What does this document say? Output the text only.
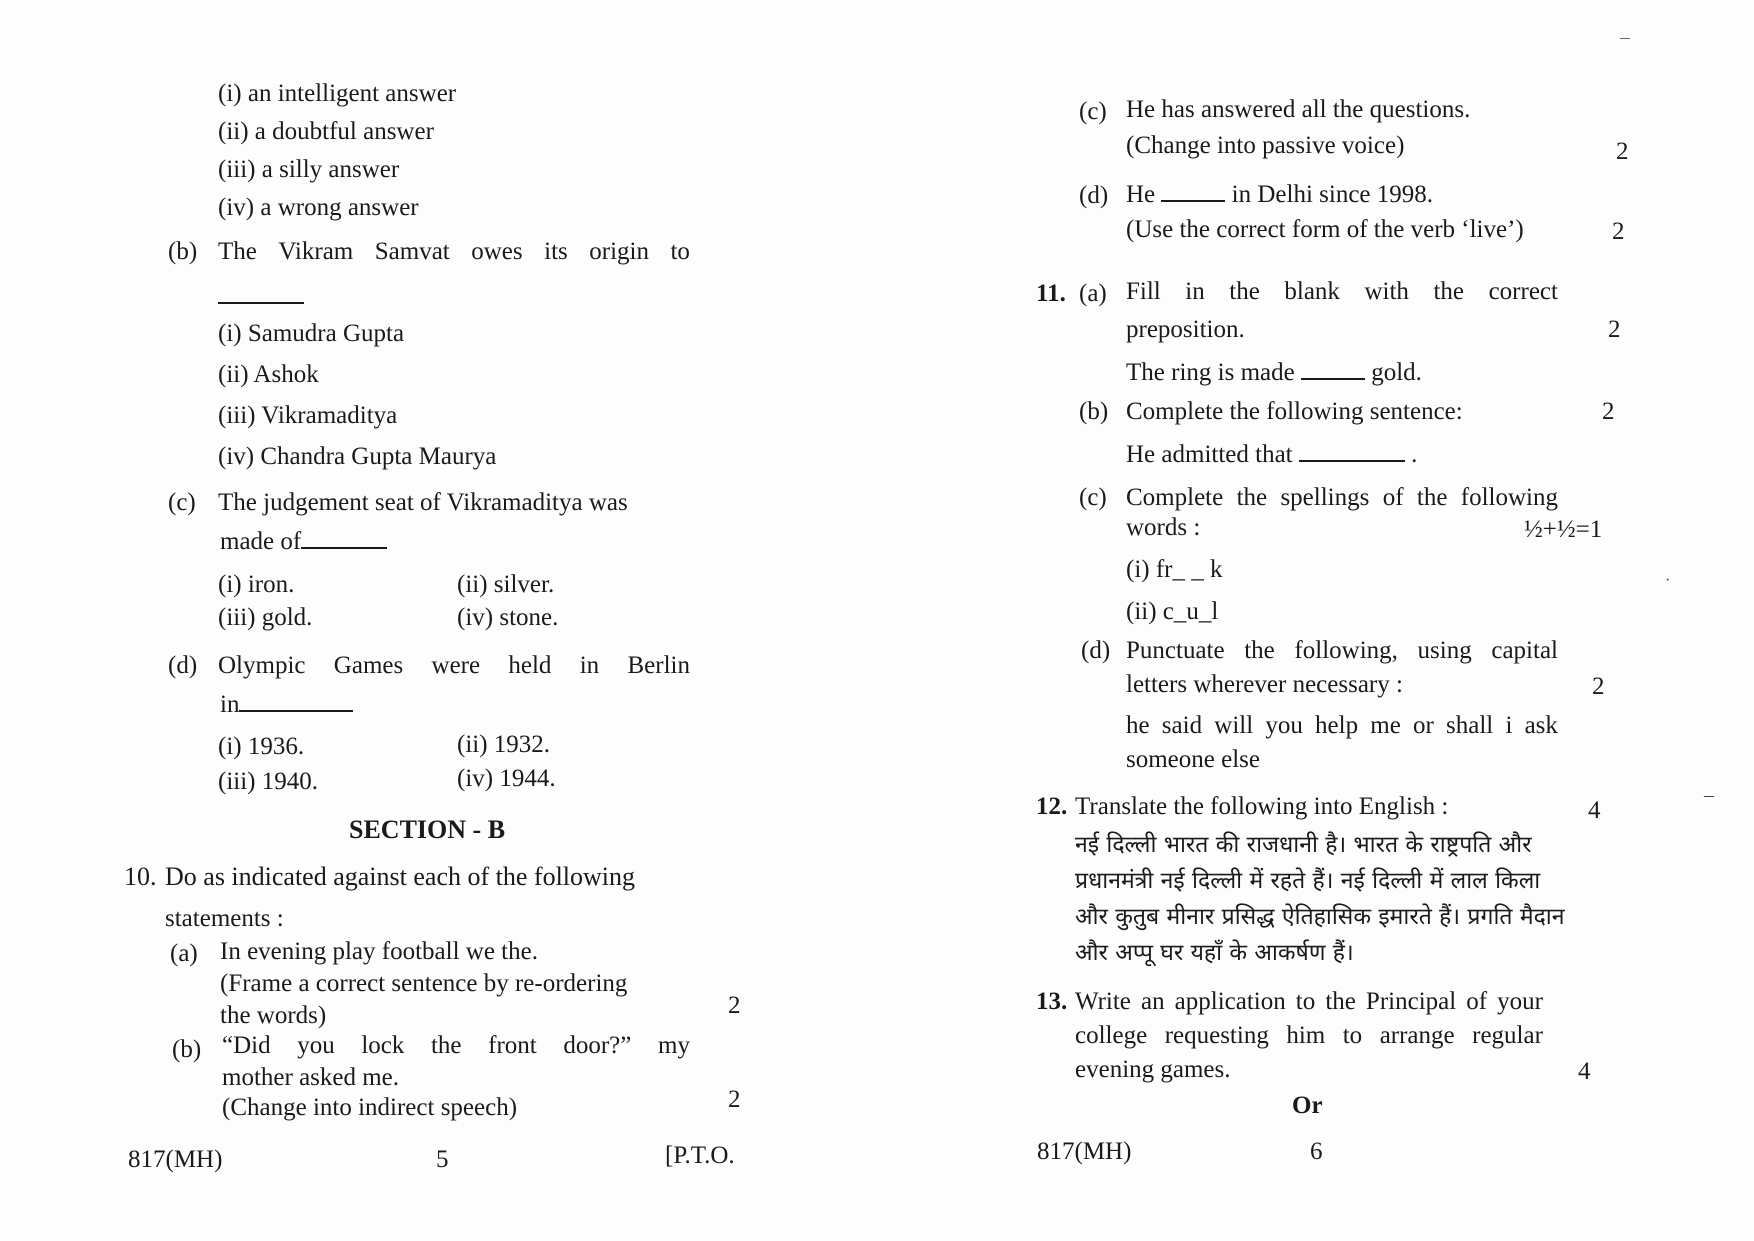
(i) an intelligent answer
(ii) a doubtful answer
(iii) a silly answer
(iv) a wrong answer
(b) The Vikram Samvat owes its origin to
(i) Samudra Gupta
(ii) Ashok
(iii) Vikramaditya
(iv) Chandra Gupta Maurya
(c) The judgement seat of Vikramaditya was
made of
(i) iron.	(ii) silver.
(iii) gold.	(iv) stone.
(d) Olympic Games were held in Berlin
in
(i) 1936.	(ii) 1932.
(iii) 1940.	(iv) 1944.
SECTION - B
10. Do as indicated against each of the following
statements :
(a) In evening play football we the.
(Frame a correct sentence by re-ordering
the words)	2
(b) “Did you lock the front door?” my
mother asked me.
(Change into indirect speech)	2
817(MH)	5	[P.T.O.
(c) He has answered all the questions.
(Change into passive voice)	2
(d) He	in Delhi since 1998.
(Use the correct form of the verb ‘live’)	2
11. (a) Fill in the blank with the correct
preposition.	2
The ring is made	gold.
(b) Complete the following sentence:	2
He admitted that	.
(c) Complete the spellings of the following
words :	½+½=1
(i) fr_ _ k
(ii) c_u_l
(d) Punctuate the following, using capital
letters wherever necessary :	2
he said will you help me or shall i ask
someone else
12. Translate the following into English :	4
नई दिल्ली भारत की राजधानी है। भारत के राष्ट्रपति और
प्रधानमंत्री नई दिल्ली में रहते हैं। नई दिल्ली में लाल किला
और कुतुब मीनार प्रसिद्ध ऐतिहासिक इमारते हैं। प्रगति मैदान
और अप्पू घर यहाँ के आकर्षण हैं।
13. Write an application to the Principal of your
college requesting him to arrange regular
evening games.	4
Or
817(MH)	6
–
–
·
